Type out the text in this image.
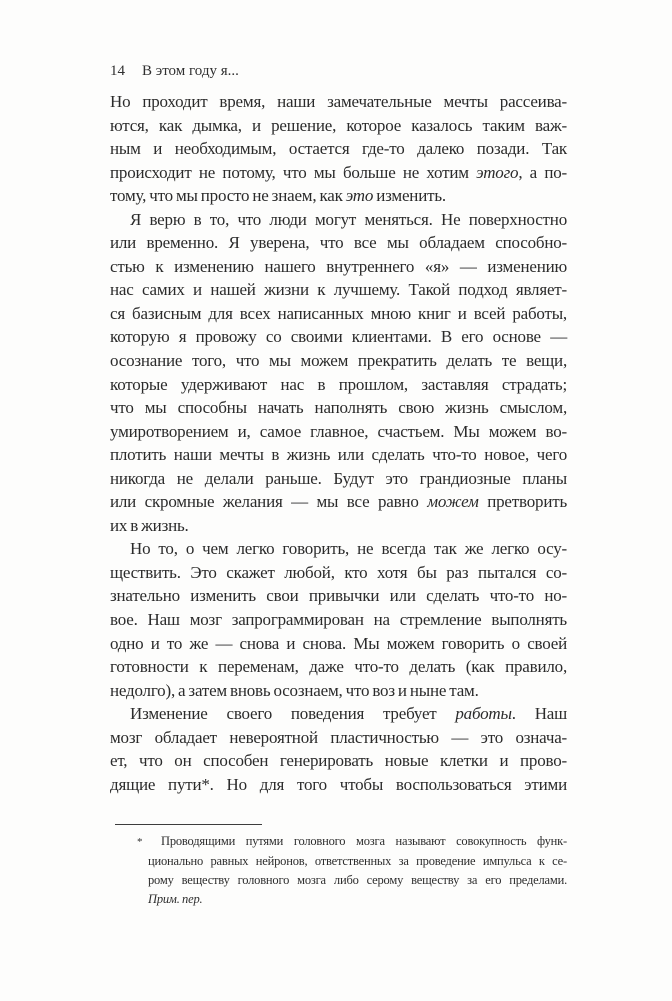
14 В этом году я...
Но проходит время, наши замечательные мечты рассеива-
ются, как дымка, и решение, которое казалось таким важ-
ным и необходимым, остается где-то далеко позади. Так
происходит не потому, что мы больше не хотим этого, а по-
тому, что мы просто не знаем, как это изменить.
Я верю в то, что люди могут меняться. Не поверхностно
или временно. Я уверена, что все мы обладаем способно-
стью к изменению нашего внутреннего «я» — изменению
нас самих и нашей жизни к лучшему. Такой подход являет-
ся базисным для всех написанных мною книг и всей работы,
которую я провожу со своими клиентами. В его основе —
осознание того, что мы можем прекратить делать те вещи,
которые удерживают нас в прошлом, заставляя страдать;
что мы способны начать наполнять свою жизнь смыслом,
умиротворением и, самое главное, счастьем. Мы можем во-
плотить наши мечты в жизнь или сделать что-то новое, чего
никогда не делали раньше. Будут это грандиозные планы
или скромные желания — мы все равно можем претворить
их в жизнь.
Но то, о чем легко говорить, не всегда так же легко осу-
ществить. Это скажет любой, кто хотя бы раз пытался со-
знательно изменить свои привычки или сделать что-то но-
вое. Наш мозг запрограммирован на стремление выполнять
одно и то же — снова и снова. Мы можем говорить о своей
готовности к переменам, даже что-то делать (как правило,
недолго), а затем вновь осознаем, что воз и ныне там.
Изменение своего поведения требует работы. Наш
мозг обладает невероятной пластичностью — это означа-
ет, что он способен генерировать новые клетки и прово-
дящие пути*. Но для того чтобы воспользоваться этими
* Проводящими путями головного мозга называют совокупность функ-
ционально равных нейронов, ответственных за проведение импульса к се-
рому веществу головного мозга либо серому веществу за его пределами.
Прим. пер.
